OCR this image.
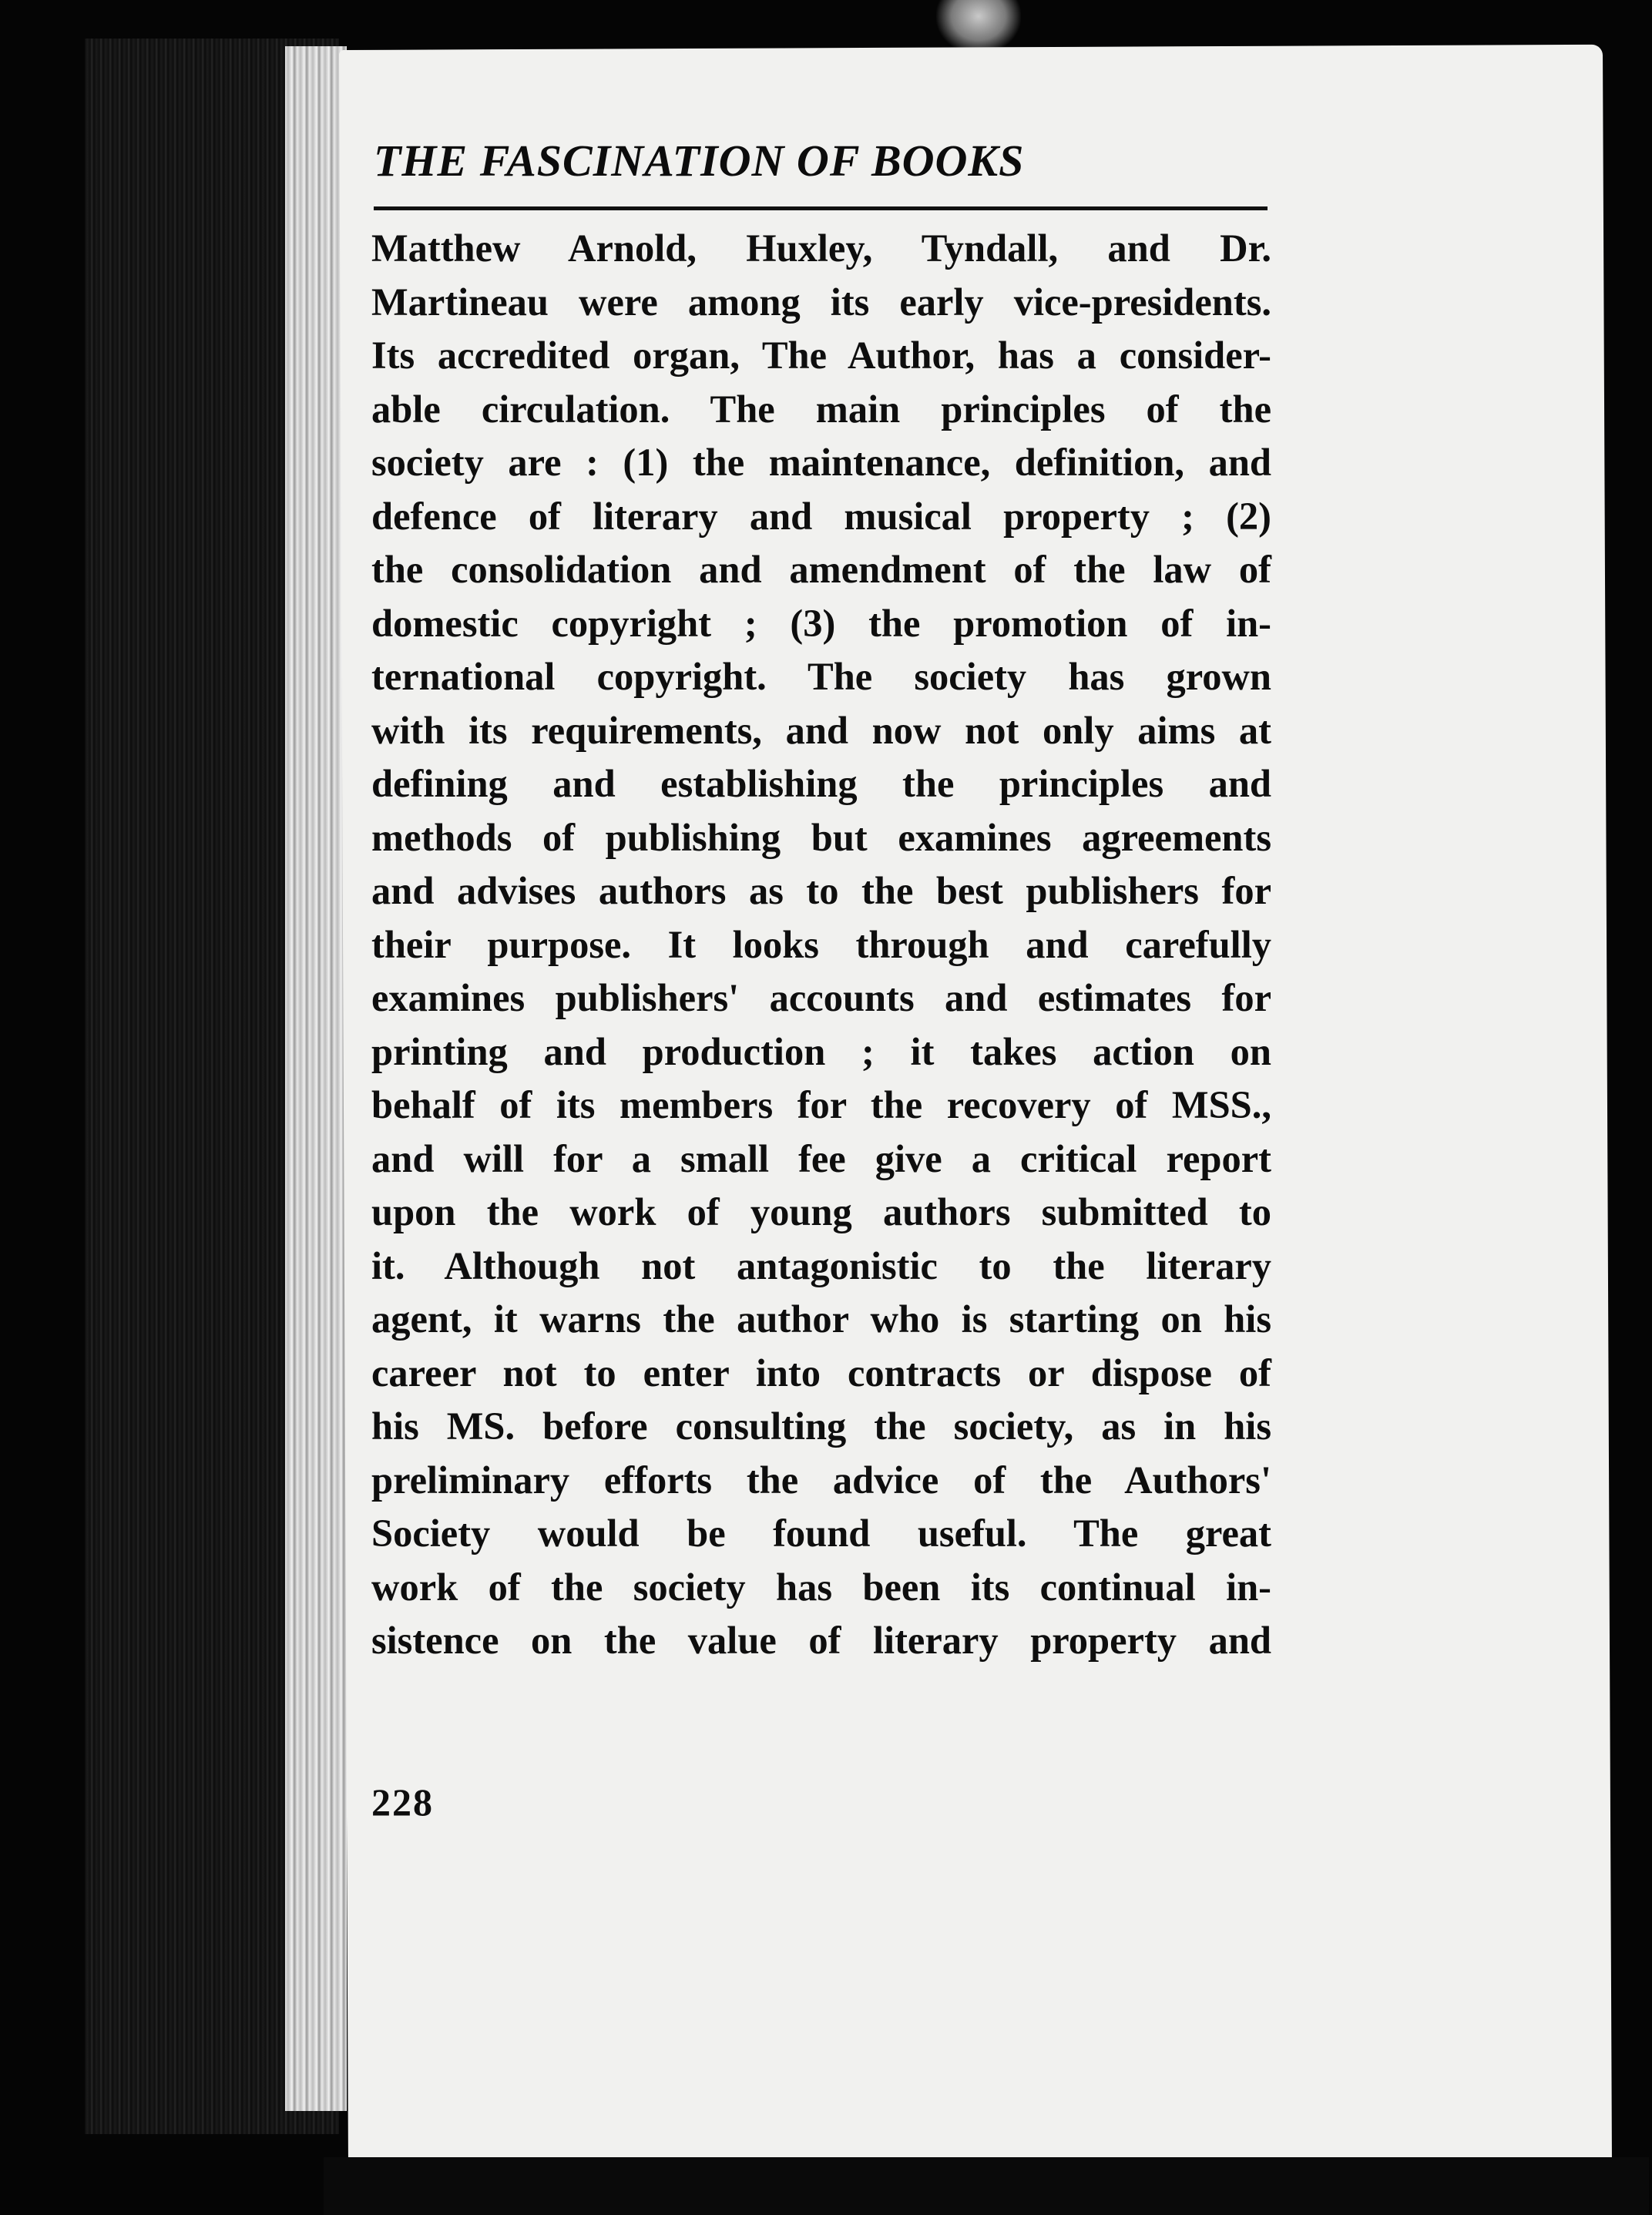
THE FASCINATION OF BOOKS
Matthew Arnold, Huxley, Tyndall, and Dr.
Martineau were among its early vice-presidents.
Its accredited organ, The Author, has a consider-
able circulation. The main principles of the
society are : (1) the maintenance, definition, and
defence of literary and musical property ; (2)
the consolidation and amendment of the law of
domestic copyright ; (3) the promotion of in-
ternational copyright. The society has grown
with its requirements, and now not only aims at
defining and establishing the principles and
methods of publishing but examines agreements
and advises authors as to the best publishers for
their purpose. It looks through and carefully
examines publishers' accounts and estimates for
printing and production ; it takes action on
behalf of its members for the recovery of MSS.,
and will for a small fee give a critical report
upon the work of young authors submitted to
it. Although not antagonistic to the literary
agent, it warns the author who is starting on his
career not to enter into contracts or dispose of
his MS. before consulting the society, as in his
preliminary efforts the advice of the Authors'
Society would be found useful. The great
work of the society has been its continual in-
sistence on the value of literary property and
228
